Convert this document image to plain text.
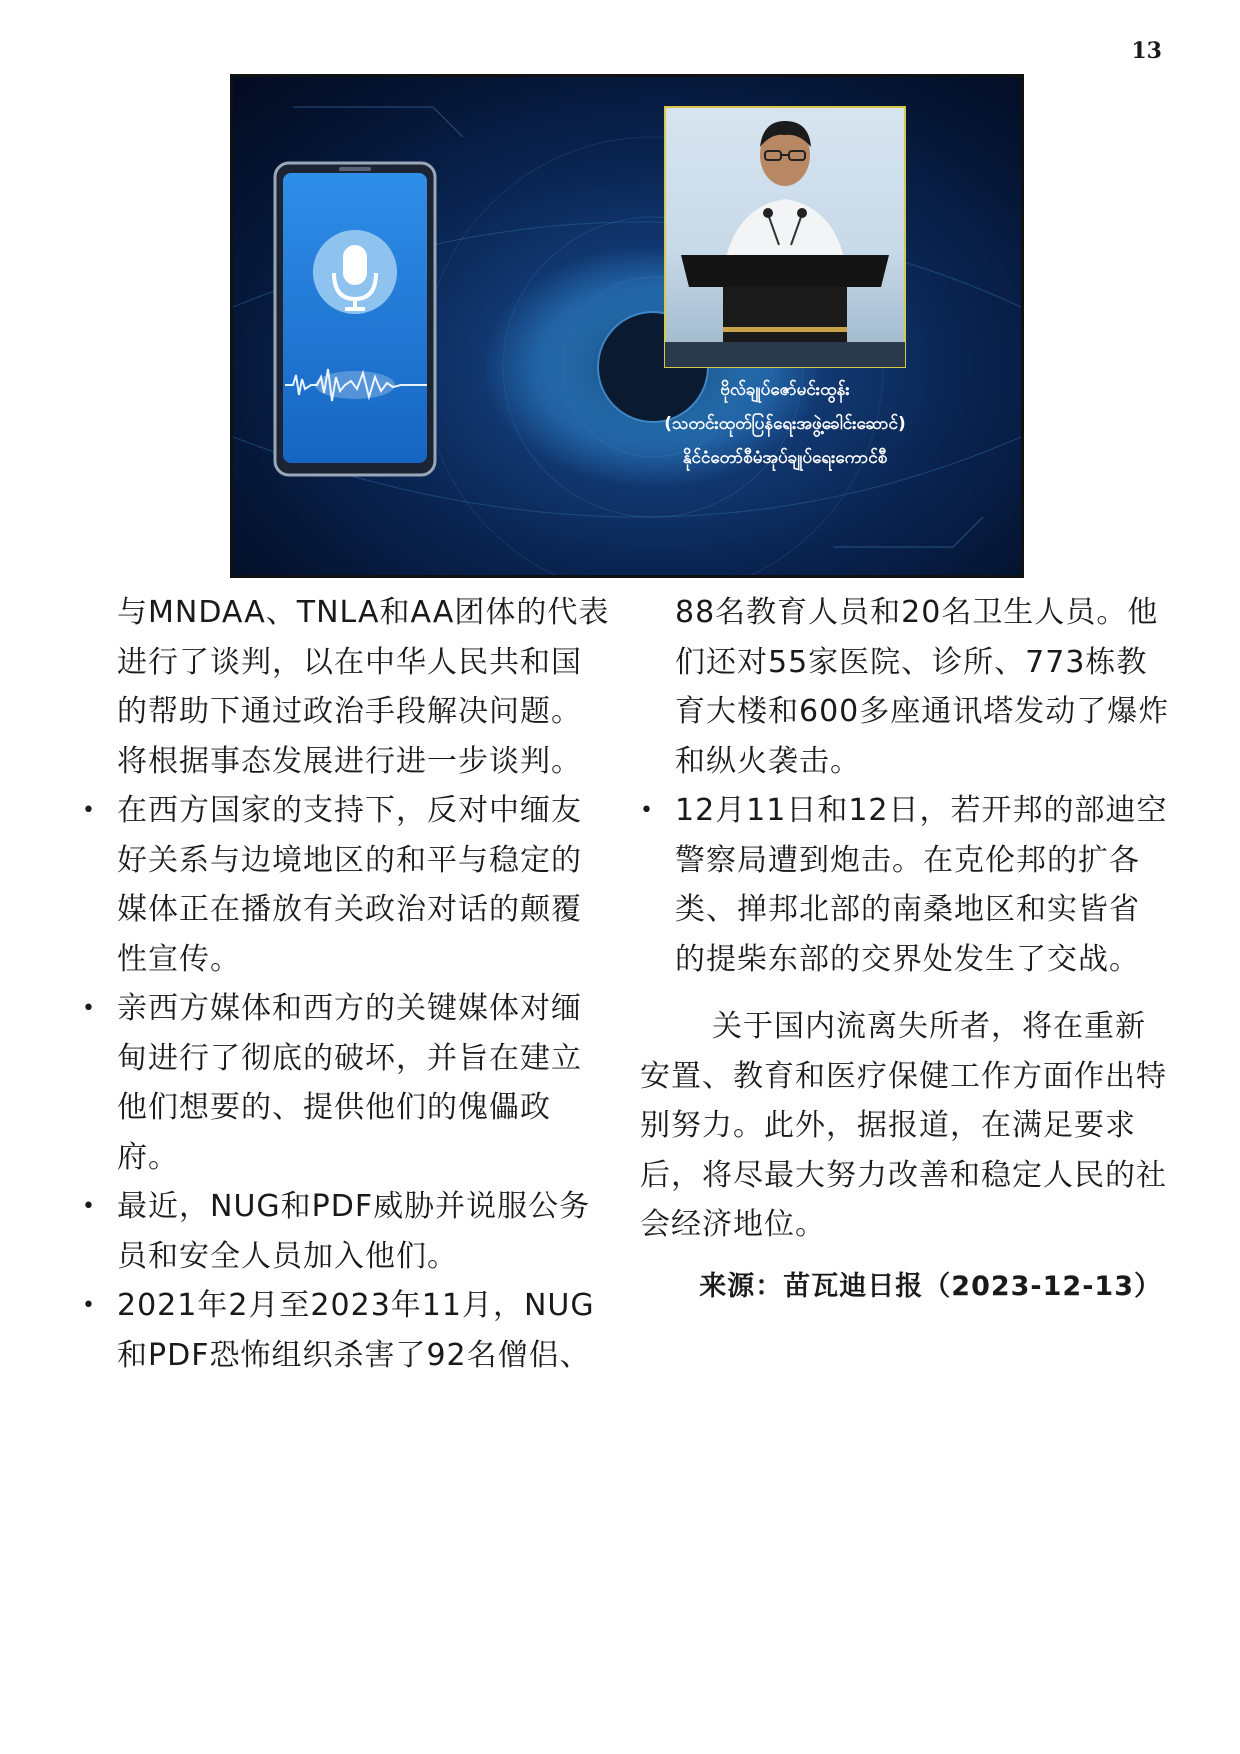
13
ဗိုလ်ချုပ်ဇော်မင်းထွန်း
(သတင်းထုတ်ပြန်ရေးအဖွဲ့ခေါင်းဆောင်)
နိုင်ငံတော်စီမံအုပ်ချုပ်ရေးကောင်စီ

与MNDAA、TNLA和AA团体的代表进行了谈判，以在中华人民共和国的帮助下通过政治手段解决问题。将根据事态发展进行进一步谈判。

• 在西方国家的支持下，反对中缅友好关系与边境地区的和平与稳定的媒体正在播放有关政治对话的颠覆性宣传。
• 亲西方媒体和西方的关键媒体对缅甸进行了彻底的破坏，并旨在建立他们想要的、提供他们的傀儡政府。
• 最近，NUG和PDF威胁并说服公务员和安全人员加入他们。
• 2021年2月至2023年11月，NUG和PDF恐怖组织杀害了92名僧侣、

88名教育人员和20名卫生人员。他们还对55家医院、诊所、773栋教育大楼和600多座通讯塔发动了爆炸和纵火袭击。

• 12月11日和12日，若开邦的部迪空警察局遭到炮击。在克伦邦的扩各类、掸邦北部的南桑地区和实皆省的提柴东部的交界处发生了交战。

关于国内流离失所者，将在重新安置、教育和医疗保健工作方面作出特别努力。此外，据报道，在满足要求后，将尽最大努力改善和稳定人民的社会经济地位。

来源：苗瓦迪日报（2023-12-13）
